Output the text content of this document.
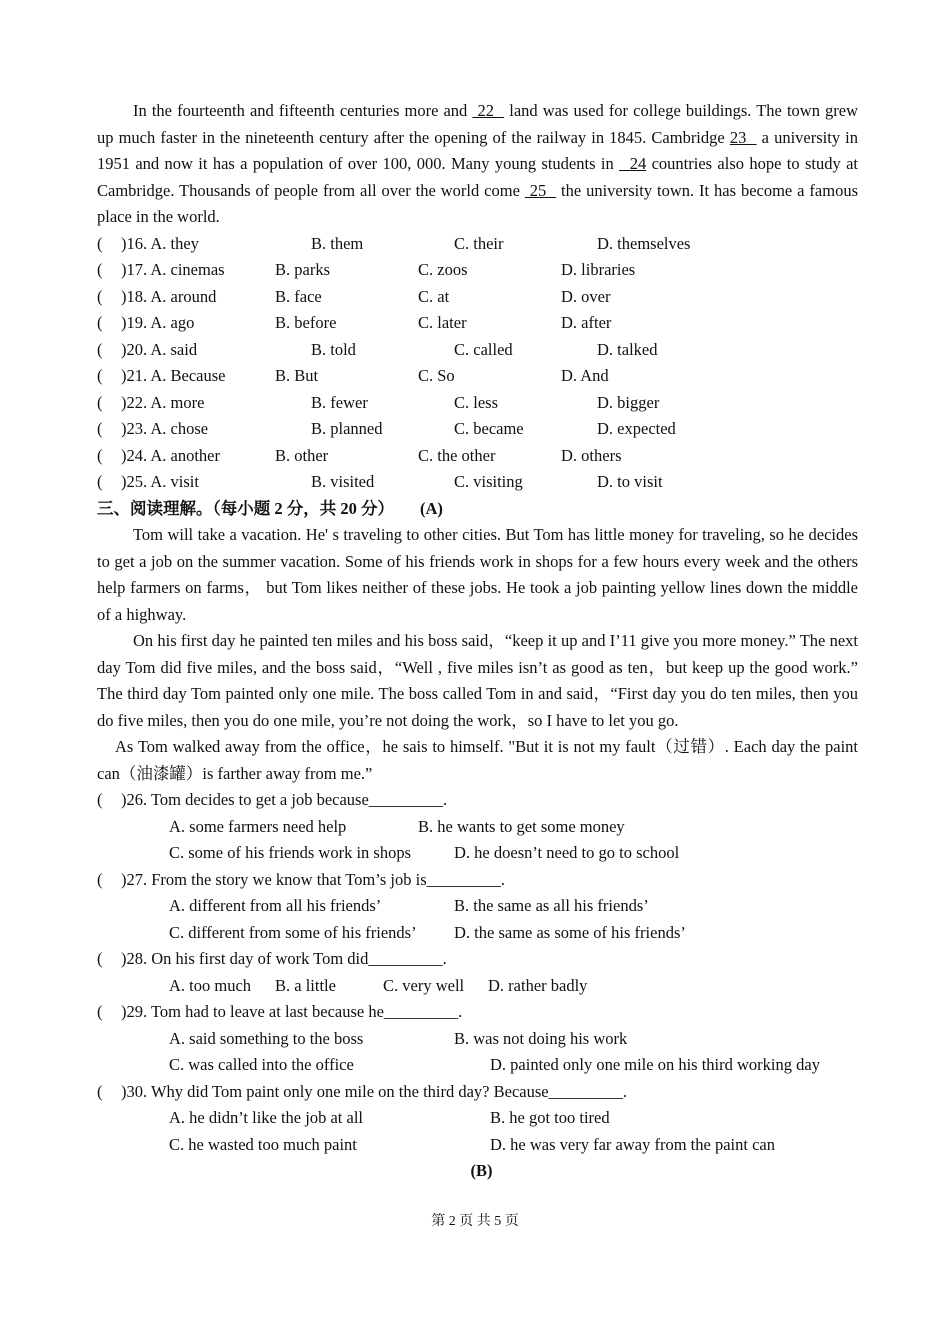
In the fourteenth and fifteenth centuries more and  22   land was used for college buildings. The town grew up much faster in the nineteenth century after the opening of the railway in 1845. Cambridge 23   a university in 1951 and now it has a population of over 100, 000. Many young students in   24 countries also hope to study at Cambridge. Thousands of people from all over the world come  25   the university town. It has become a famous place in the world.

( )16. A. they	B. them	C. their	D. themselves
( )17. A. cinemas	B. parks	C. zoos	D. libraries
( )18. A. around	B. face	C. at	D. over
( )19. A. ago	B. before	C. later	D. after
( )20. A. said	B. told	C. called	D. talked
( )21. A. Because	B. But	C. So	D. And
( )22. A. more	B. fewer	C. less	D. bigger
( )23. A. chose	B. planned	C. became	D. expected
( )24. A. another	B. other	C. the other	D. others
( )25. A. visit	B. visited	C. visiting	D. to visit
三、阅读理解。（每小题 2 分，共 20 分） (A)

Tom will take a vacation. He' s traveling to other cities. But Tom has little money for traveling, so he decides to get a job on the summer vacation. Some of his friends work in shops for a few hours every week and the others help farmers on farms， but Tom likes neither of these jobs. He took a job painting yellow lines down the middle of a highway.

On his first day he painted ten miles and his boss said，“keep it up and I’11 give you more money.” The next day Tom did five miles, and the boss said，“Well , five miles isn’t as good as ten，but keep up the good work.” The third day Tom painted only one mile. The boss called Tom in and said，“First day you do ten miles, then you do five miles, then you do one mile, you’re not doing the work，so I have to let you go.

As Tom walked away from the office，he sais to himself. "But it is not my fault（过错）. Each day the paint can（油漆罐）is farther away from me.”

( )26. Tom decides to get a job because_________.
A. some farmers need help	B. he wants to get some money
C. some of his friends work in shops	D. he doesn’t need to go to school
( )27. From the story we know that Tom’s job is_________.
A. different from all his friends’	B. the same as all his friends’
C. different from some of his friends’ D. the same as some of his friends’
( )28. On his first day of work Tom did_________.
A. too much B. a little	C. very well D. rather badly
( )29. Tom had to leave at last because he_________.
A. said something to the boss	B. was not doing his work
C. was called into the office	D. painted only one mile on his third working day
( )30. Why did Tom paint only one mile on the third day? Because_________.
A. he didn’t like the job at all	B. he got too tired
C. he wasted too much paint	D. he was very far away from the paint can
(B)
第 2 页 共 5 页
